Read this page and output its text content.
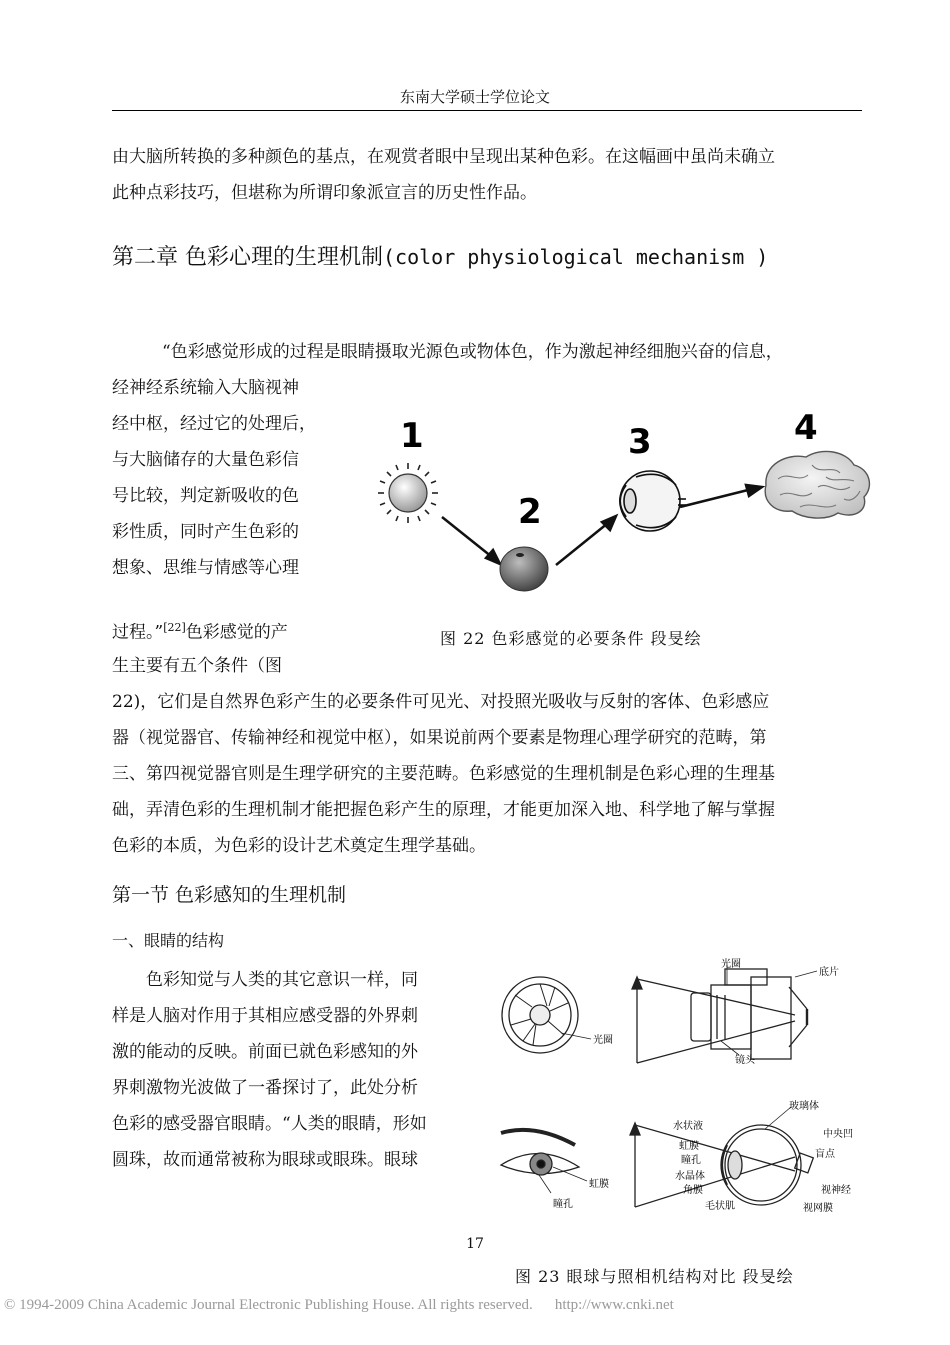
东南大学硕士学位论文

由大脑所转换的多种颜色的基点，在观赏者眼中呈现出某种色彩。在这幅画中虽尚未确立

此种点彩技巧，但堪称为所谓印象派宣言的历史性作品。

第二章 色彩心理的生理机制(color physiological mechanism )

“色彩感觉形成的过程是眼睛摄取光源色或物体色，作为激起神经细胞兴奋的信息，

经神经系统输入大脑视神

经中枢，经过它的处理后，

与大脑储存的大量色彩信

号比较，判定新吸收的色

彩性质，同时产生色彩的

想象、思维与情感等心理

过程。”[22]色彩感觉的产

生主要有五个条件（图

22)，它们是自然界色彩产生的必要条件可见光、对投照光吸收与反射的客体、色彩感应

器（视觉器官、传输神经和视觉中枢），如果说前两个要素是物理心理学研究的范畴，第

三、第四视觉器官则是生理学研究的主要范畴。色彩感觉的生理机制是色彩心理的生理基

础，弄清色彩的生理机制才能把握色彩产生的原理，才能更加深入地、科学地了解与掌握

色彩的本质，为色彩的设计艺术奠定生理学基础。

1
2
3	4
图 22 色彩感觉的必要条件 段旻绘
第一节 色彩感知的生理机制
一、眼睛的结构

色彩知觉与人类的其它意识一样，同

样是人脑对作用于其相应感受器的外界刺

激的能动的反映。前面已就色彩感知的外

界刺激物光波做了一番探讨了，此处分析

色彩的感受器官眼睛。“人类的眼睛，形如

圆珠，故而通常被称为眼球或眼珠。眼球

光圈
光圈
底片
镜头
虹膜
瞳孔
玻璃体
水状液
虹膜
瞳孔
水晶体
角膜
毛状肌
中央凹
盲点
视神经
视网膜
17
图 23 眼球与照相机结构对比 段旻绘
© 1994-2009 China Academic Journal Electronic Publishing House. All rights reserved. http://www.cnki.net
